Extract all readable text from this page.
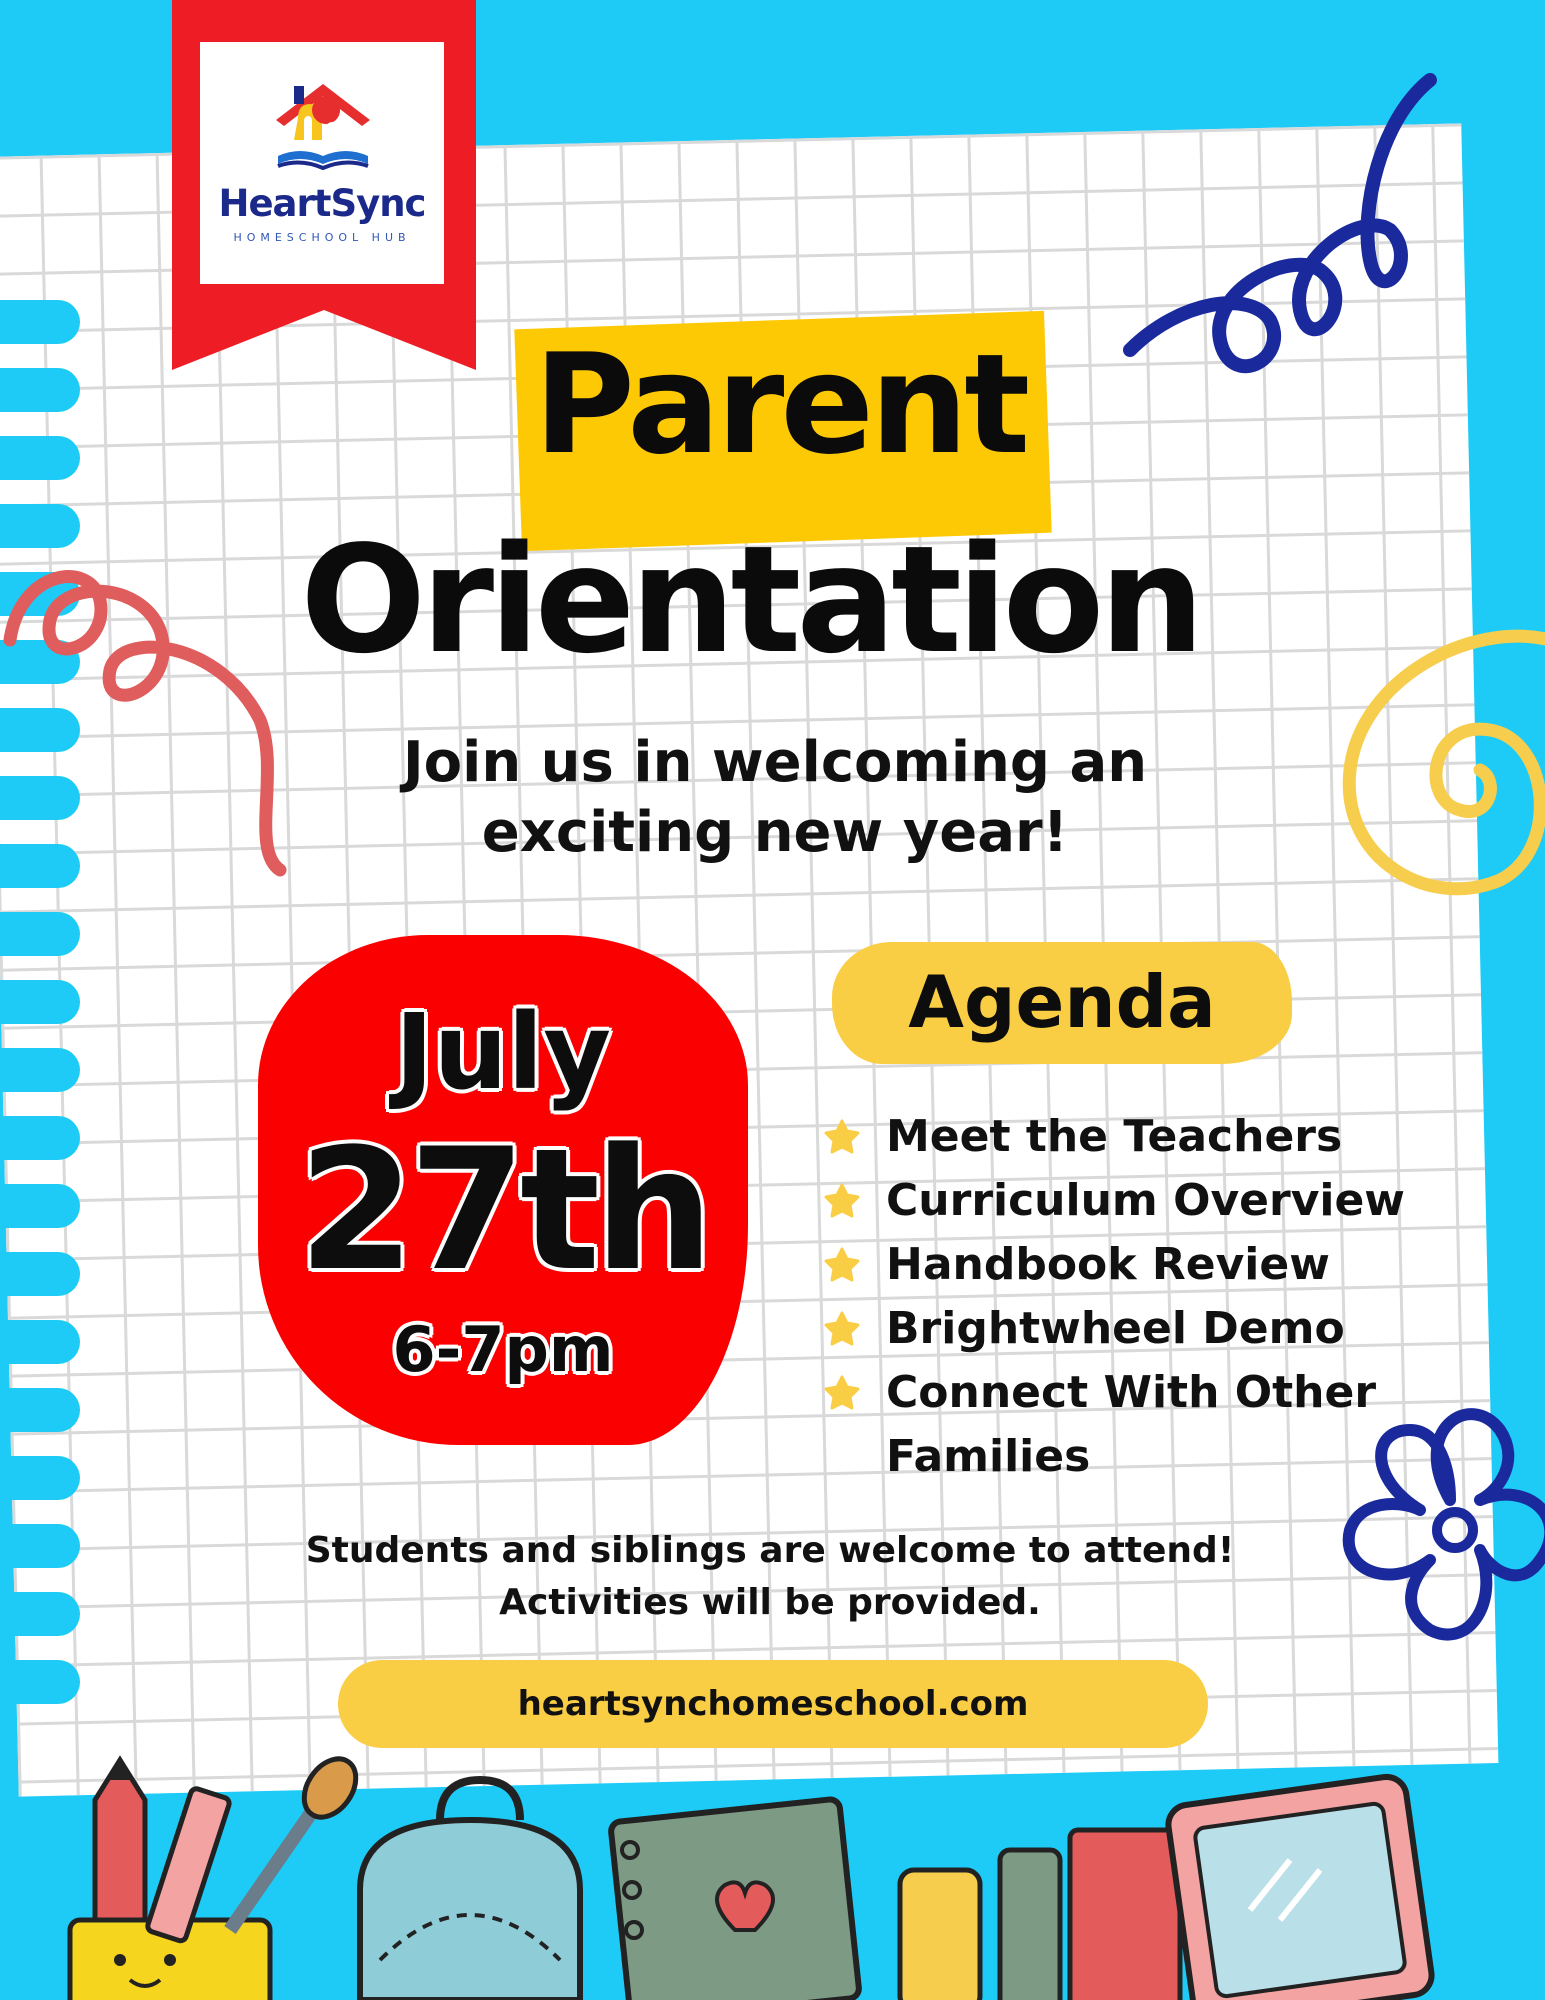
HeartSync
HOMESCHOOL HUB
Parent
Orientation
Join us in welcoming an
exciting new year!
July
27th
6-7pm
Agenda
Meet the Teachers
Curriculum Overview
Handbook Review
Brightwheel Demo
Connect With Other Families
Students and siblings are welcome to attend!
Activities will be provided.
heartsynchomeschool.com
